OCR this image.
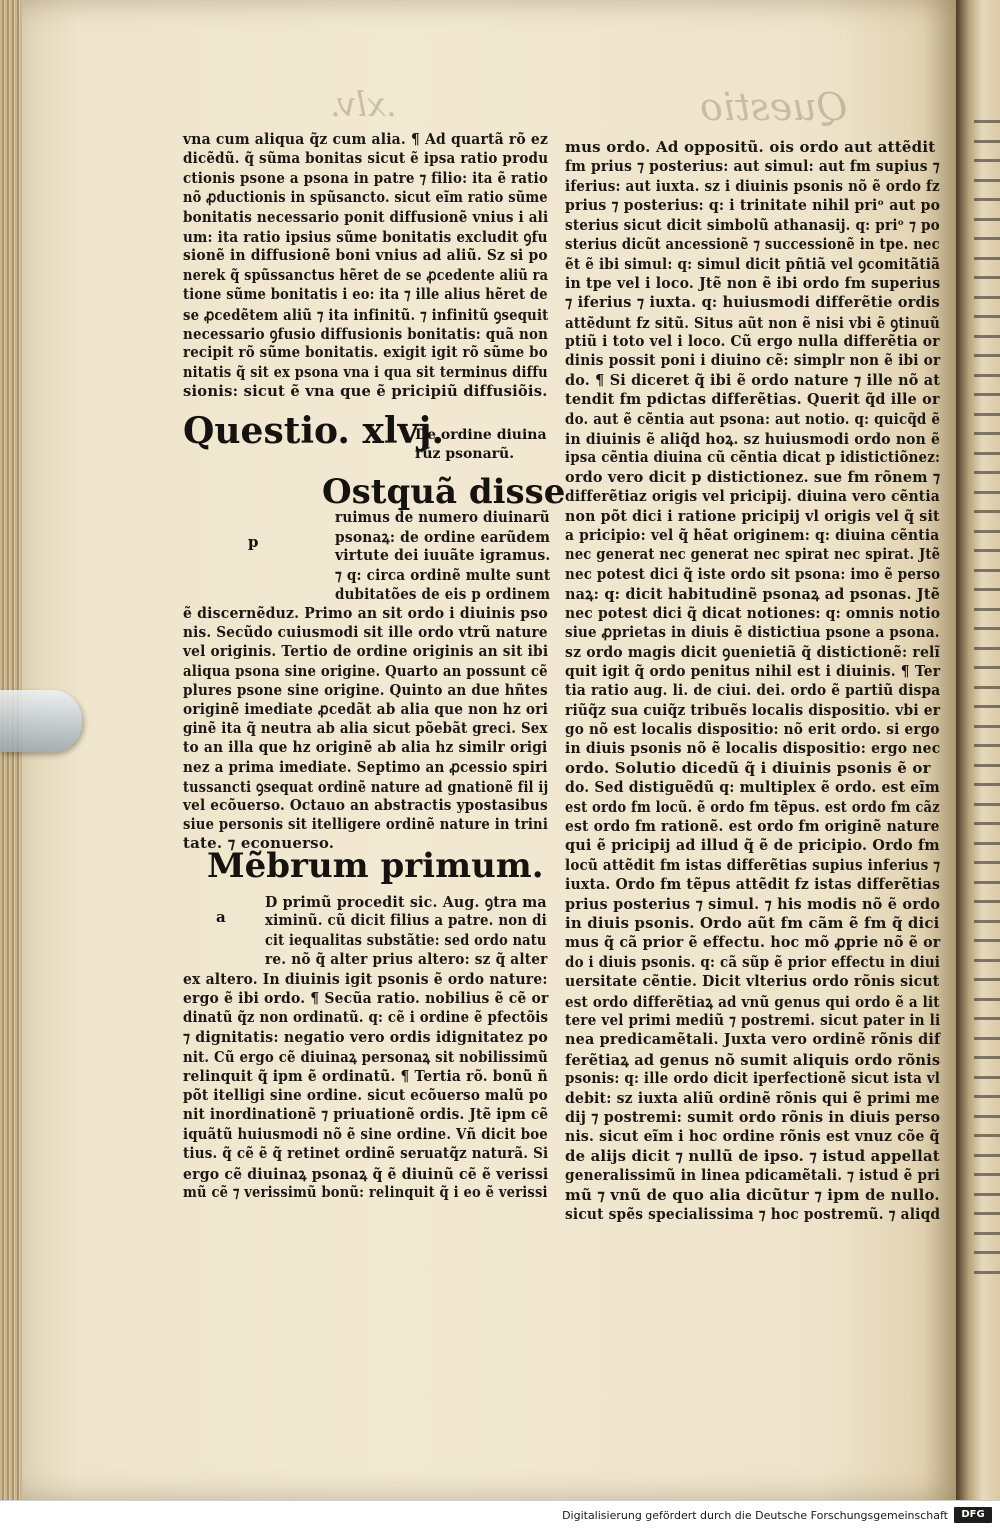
.xlv.	Questio
vna cum aliqua q̃z cum alia. ¶ Ad quartã rõ ez
dicẽdũ. q̃ sũma bonitas sicut ẽ ipsa ratio produ
ctionis psone a psona in patre ⁊ filio: ita ẽ ratio
nõ ꝓductionis in spũsancto. sicut eĩm ratio sũme
bonitatis necessario ponit diffusionẽ vnius i ali
um: ita ratio ipsius sũme bonitatis excludit ꝯfu
sionẽ in diffusionẽ boni vnius ad aliũ. Sz si po
nerek q̃ spũssanctus hẽret de se ꝓcedente aliũ ra
tione sũme bonitatis i eo: ita ⁊ ille alius hẽret de
se ꝓcedẽtem aliũ ⁊ ita infinitũ. ⁊ infinitũ ꝯsequit
necessario ꝯfusio diffusionis bonitatis: quã non
recipit rõ sũme bonitatis. exigit igit rõ sũme bo
nitatis q̃ sit ex psona vna i qua sit terminus diffu
sionis: sicut ẽ vna que ẽ pricipiũ diffusiõis.
ruimus de numero diuinarũ
psonaꝝ: de ordine earũdem
virtute dei iuuãte igramus.
⁊ q: circa ordinẽ multe sunt
dubitatões de eis p ordinem
ẽ discernẽduz. Primo an sit ordo i diuinis pso
nis. Secũdo cuiusmodi sit ille ordo vtrũ nature
vel originis. Tertio de ordine originis an sit ibi
aliqua psona sine origine. Quarto an possunt cẽ
plures psone sine origine. Quinto an due hñtes
originẽ imediate ꝓcedãt ab alia que non hz ori
ginẽ ita q̃ neutra ab alia sicut põebãt greci. Sex
to an illa que hz originẽ ab alia hz similr origi
nez a prima imediate. Septimo an ꝓcessio spiri
tussancti ꝯsequat ordinẽ nature ad gnationẽ fil ij
vel ecõuerso. Octauo an abstractis ypostasibus
siue personis sit itelligere ordinẽ nature in trini
tate. ⁊ econuerso.
D primũ procedit sic. Aug. ꝯtra ma
ximinũ. cũ dicit filius a patre. non di
cit iequalitas substãtie: sed ordo natu
re. nõ q̃ alter prius altero: sz q̃ alter
ex altero. In diuinis igit psonis ẽ ordo nature:
ergo ẽ ibi ordo. ¶ Secũa ratio. nobilius ẽ cẽ or
dinatũ q̃z non ordinatũ. q: cẽ i ordine ẽ pfectõis
⁊ dignitatis: negatio vero ordis idignitatez po
nit. Cũ ergo cẽ diuinaꝝ personaꝝ sit nobilissimũ
relinquit q̃ ipm ẽ ordinatũ. ¶ Tertia rõ. bonũ ñ
põt itelligi sine ordine. sicut ecõuerso malũ po
nit inordinationẽ ⁊ priuationẽ ordis. Jtẽ ipm cẽ
iquãtũ huiusmodi nõ ẽ sine ordine. Vñ dicit boe
tius. q̃ cẽ ẽ q̃ retinet ordinẽ seruatq̃z naturã. Si
ergo cẽ diuinaꝝ psonaꝝ q̃ ẽ diuinũ cẽ ẽ verissi
mũ cẽ ⁊ verissimũ bonũ: relinquit q̃ i eo ẽ verissi
mus ordo. Ad oppositũ. ois ordo aut attẽdit
fm prius ⁊ posterius: aut simul: aut fm supius ⁊
iferius: aut iuxta. sz i diuinis psonis nõ ẽ ordo fz
prius ⁊ posterius: q: i trinitate nihil priᵒ aut po
sterius sicut dicit simbolũ athanasij. q: priᵒ ⁊ po
sterius dicũt ancessionẽ ⁊ successionẽ in tpe. nec
ẽt ẽ ibi simul: q: simul dicit pñtiã vel ꝯcomitãtiã
in tpe vel i loco. Jtẽ non ẽ ibi ordo fm superius
⁊ iferius ⁊ iuxta. q: huiusmodi differẽtie ordis
attẽdunt fz sitũ. Situs aũt non ẽ nisi vbi ẽ ꝯtinuũ
ptiũ i toto vel i loco. Cũ ergo nulla differẽtia or
dinis possit poni i diuino cẽ: simplr non ẽ ibi or
do. ¶ Si diceret q̃ ibi ẽ ordo nature ⁊ ille nõ at
tendit fm pdictas differẽtias. Querit q̃d ille or
do. aut ẽ cẽntia aut psona: aut notio. q: quicq̃d ẽ
in diuinis ẽ aliq̃d hoꝝ. sz huiusmodi ordo non ẽ
ipsa cẽntia diuina cũ cẽntia dicat p idistictiõnez:
ordo vero dicit p distictionez. sue fm rõnem ⁊
differẽtiaz origis vel pricipij. diuina vero cẽntia
non põt dici i ratione pricipij vl origis vel q̃ sit
a pricipio: vel q̃ hẽat originem: q: diuina cẽntia
nec generat nec generat nec spirat nec spirat. Jtẽ
nec potest dici q̃ iste ordo sit psona: imo ẽ perso
naꝝ: q: dicit habitudinẽ psonaꝝ ad psonas. Jtẽ
nec potest dici q̃ dicat notiones: q: omnis notio
siue ꝓprietas in diuis ẽ distictiua psone a psona.
sz ordo magis dicit ꝯuenietiã q̃ distictionẽ: relĩ
quit igit q̃ ordo penitus nihil est i diuinis. ¶ Ter
tia ratio aug. li. de ciui. dei. ordo ẽ partiũ dispa
riũq̃z sua cuiq̃z tribuẽs localis dispositio. vbi er
go nõ est localis dispositio: nõ erit ordo. si ergo
in diuis psonis nõ ẽ localis dispositio: ergo nec
ordo. Solutio dicedũ q̃ i diuinis psonis ẽ or
do. Sed distiguẽdũ q: multiplex ẽ ordo. est eĩm
est ordo fm locũ. ẽ ordo fm tẽpus. est ordo fm cãz
est ordo fm rationẽ. est ordo fm originẽ nature
qui ẽ pricipij ad illud q̃ ẽ de pricipio. Ordo fm
locũ attẽdit fm istas differẽtias supius inferius ⁊
iuxta. Ordo fm tẽpus attẽdit fz istas differẽtias
prius posterius ⁊ simul. ⁊ his modis nõ ẽ ordo
in diuis psonis. Ordo aũt fm cãm ẽ fm q̃ dici
mus q̃ cã prior ẽ effectu. hoc mõ ꝓprie nõ ẽ or
do i diuis psonis. q: cã sũp ẽ prior effectu in diui
uersitate cẽntie. Dicit vlterius ordo rõnis sicut
est ordo differẽtiaꝝ ad vnũ genus qui ordo ẽ a lit
tere vel primi mediũ ⁊ postremi. sicut pater in li
nea predicamẽtali. Juxta vero ordinẽ rõnis dif
ferẽtiaꝝ ad genus nõ sumit aliquis ordo rõnis
psonis: q: ille ordo dicit iperfectionẽ sicut ista vl
debit: sz iuxta aliũ ordinẽ rõnis qui ẽ primi me
dij ⁊ postremi: sumit ordo rõnis in diuis perso
nis. sicut eĩm i hoc ordine rõnis est vnuz cõe q̃
de alijs dicit ⁊ nullũ de ipso. ⁊ istud appellat
generalissimũ in linea pdicamẽtali. ⁊ istud ẽ pri
mũ ⁊ vnũ de quo alia dicũtur ⁊ ipm de nullo.
sicut spẽs specialissima ⁊ hoc postremũ. ⁊ aliqd
Questio. xlvj.
De ordine diuina
rũz psonarũ.
Ostquã disse
p
Mẽbrum primum.
a
Digitalisierung gefördert durch die Deutsche Forschungsgemeinschaft	DFG
